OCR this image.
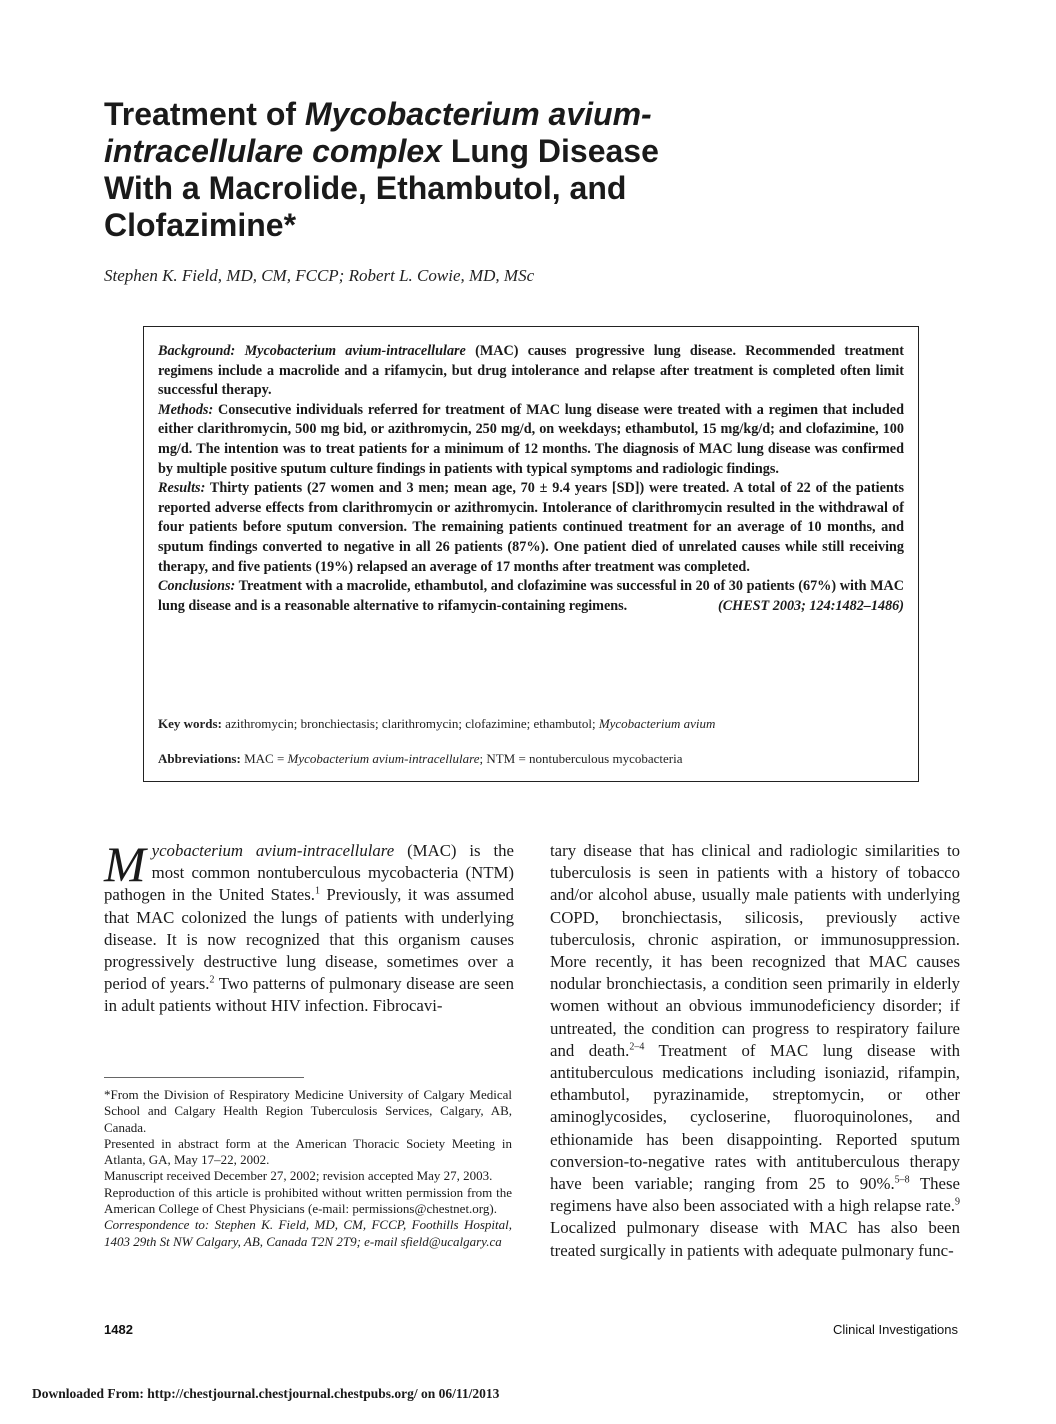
Treatment of Mycobacterium avium- intracellulare complex Lung Disease With a Macrolide, Ethambutol, and Clofazimine*
Stephen K. Field, MD, CM, FCCP; Robert L. Cowie, MD, MSc

Background: Mycobacterium avium-intracellulare (MAC) causes progressive lung disease. Recommended treatment regimens include a macrolide and a rifamycin, but drug intolerance and relapse after treatment is completed often limit successful therapy.

Methods: Consecutive individuals referred for treatment of MAC lung disease were treated with a regimen that included either clarithromycin, 500 mg bid, or azithromycin, 250 mg/d, on weekdays; ethambutol, 15 mg/kg/d; and clofazimine, 100 mg/d. The intention was to treat patients for a minimum of 12 months. The diagnosis of MAC lung disease was confirmed by multiple positive sputum culture findings in patients with typical symptoms and radiologic findings.

Results: Thirty patients (27 women and 3 men; mean age, 70 ± 9.4 years [SD]) were treated. A total of 22 of the patients reported adverse effects from clarithromycin or azithromycin. Intolerance of clarithromycin resulted in the withdrawal of four patients before sputum conversion. The remaining patients continued treatment for an average of 10 months, and sputum findings converted to negative in all 26 patients (87%). One patient died of unrelated causes while still receiving therapy, and five patients (19%) relapsed an average of 17 months after treatment was completed.

Conclusions: Treatment with a macrolide, ethambutol, and clofazimine was successful in 20 of 30 patients (67%) with MAC lung disease and is a reasonable alternative to rifamycin-containing regimens.	(CHEST 2003; 124:1482–1486)

Key words: azithromycin; bronchiectasis; clarithromycin; clofazimine; ethambutol; Mycobacterium avium
Abbreviations: MAC = Mycobacterium avium-intracellulare; NTM = nontuberculous mycobacteria

Mycobacterium avium-intracellulare (MAC) is the most common nontuberculous mycobacteria (NTM) pathogen in the United States.$^1$ Previously, it was assumed that MAC colonized the lungs of patients with underlying disease. It is now recognized that this organism causes progressively destructive lung disease, sometimes over a period of years.$^2$ Two patterns of pulmonary disease are seen in adult patients without HIV infection. Fibrocavi-

tary disease that has clinical and radiologic similarities to tuberculosis is seen in patients with a history of tobacco and/or alcohol abuse, usually male patients with underlying COPD, bronchiectasis, silicosis, previously active tuberculosis, chronic aspiration, or immunosuppression. More recently, it has been recognized that MAC causes nodular bronchiectasis, a condition seen primarily in elderly women without an obvious immunodeficiency disorder; if untreated, the condition can progress to respiratory failure and death.$^{2-4}$ Treatment of MAC lung disease with antituberculous medications including isoniazid, rifampin, ethambutol, pyrazinamide, streptomycin, or other aminoglycosides, cycloserine, fluoroquinolones, and ethionamide has been disappointing. Reported sputum conversion-to-negative rates with antituberculous therapy have been variable; ranging from 25 to 90%.$^{5-8}$ These regimens have also been associated with a high relapse rate.$^9$ Localized pulmonary disease with MAC has also been treated surgically in patients with adequate pulmonary func-

*From the Division of Respiratory Medicine University of Calgary Medical School and Calgary Health Region Tuberculosis Services, Calgary, AB, Canada.

Presented in abstract form at the American Thoracic Society Meeting in Atlanta, GA, May 17–22, 2002.

Manuscript received December 27, 2002; revision accepted May 27, 2003.

Reproduction of this article is prohibited without written permission from the American College of Chest Physicians (e-mail: permissions@chestnet.org).

Correspondence to: Stephen K. Field, MD, CM, FCCP, Foothills Hospital, 1403 29th St NW Calgary, AB, Canada T2N 2T9; e-mail sfield@ucalgary.ca

1482	Clinical Investigations
Downloaded From: http://chestjournal.chestjournal.chestpubs.org/ on 06/11/2013
